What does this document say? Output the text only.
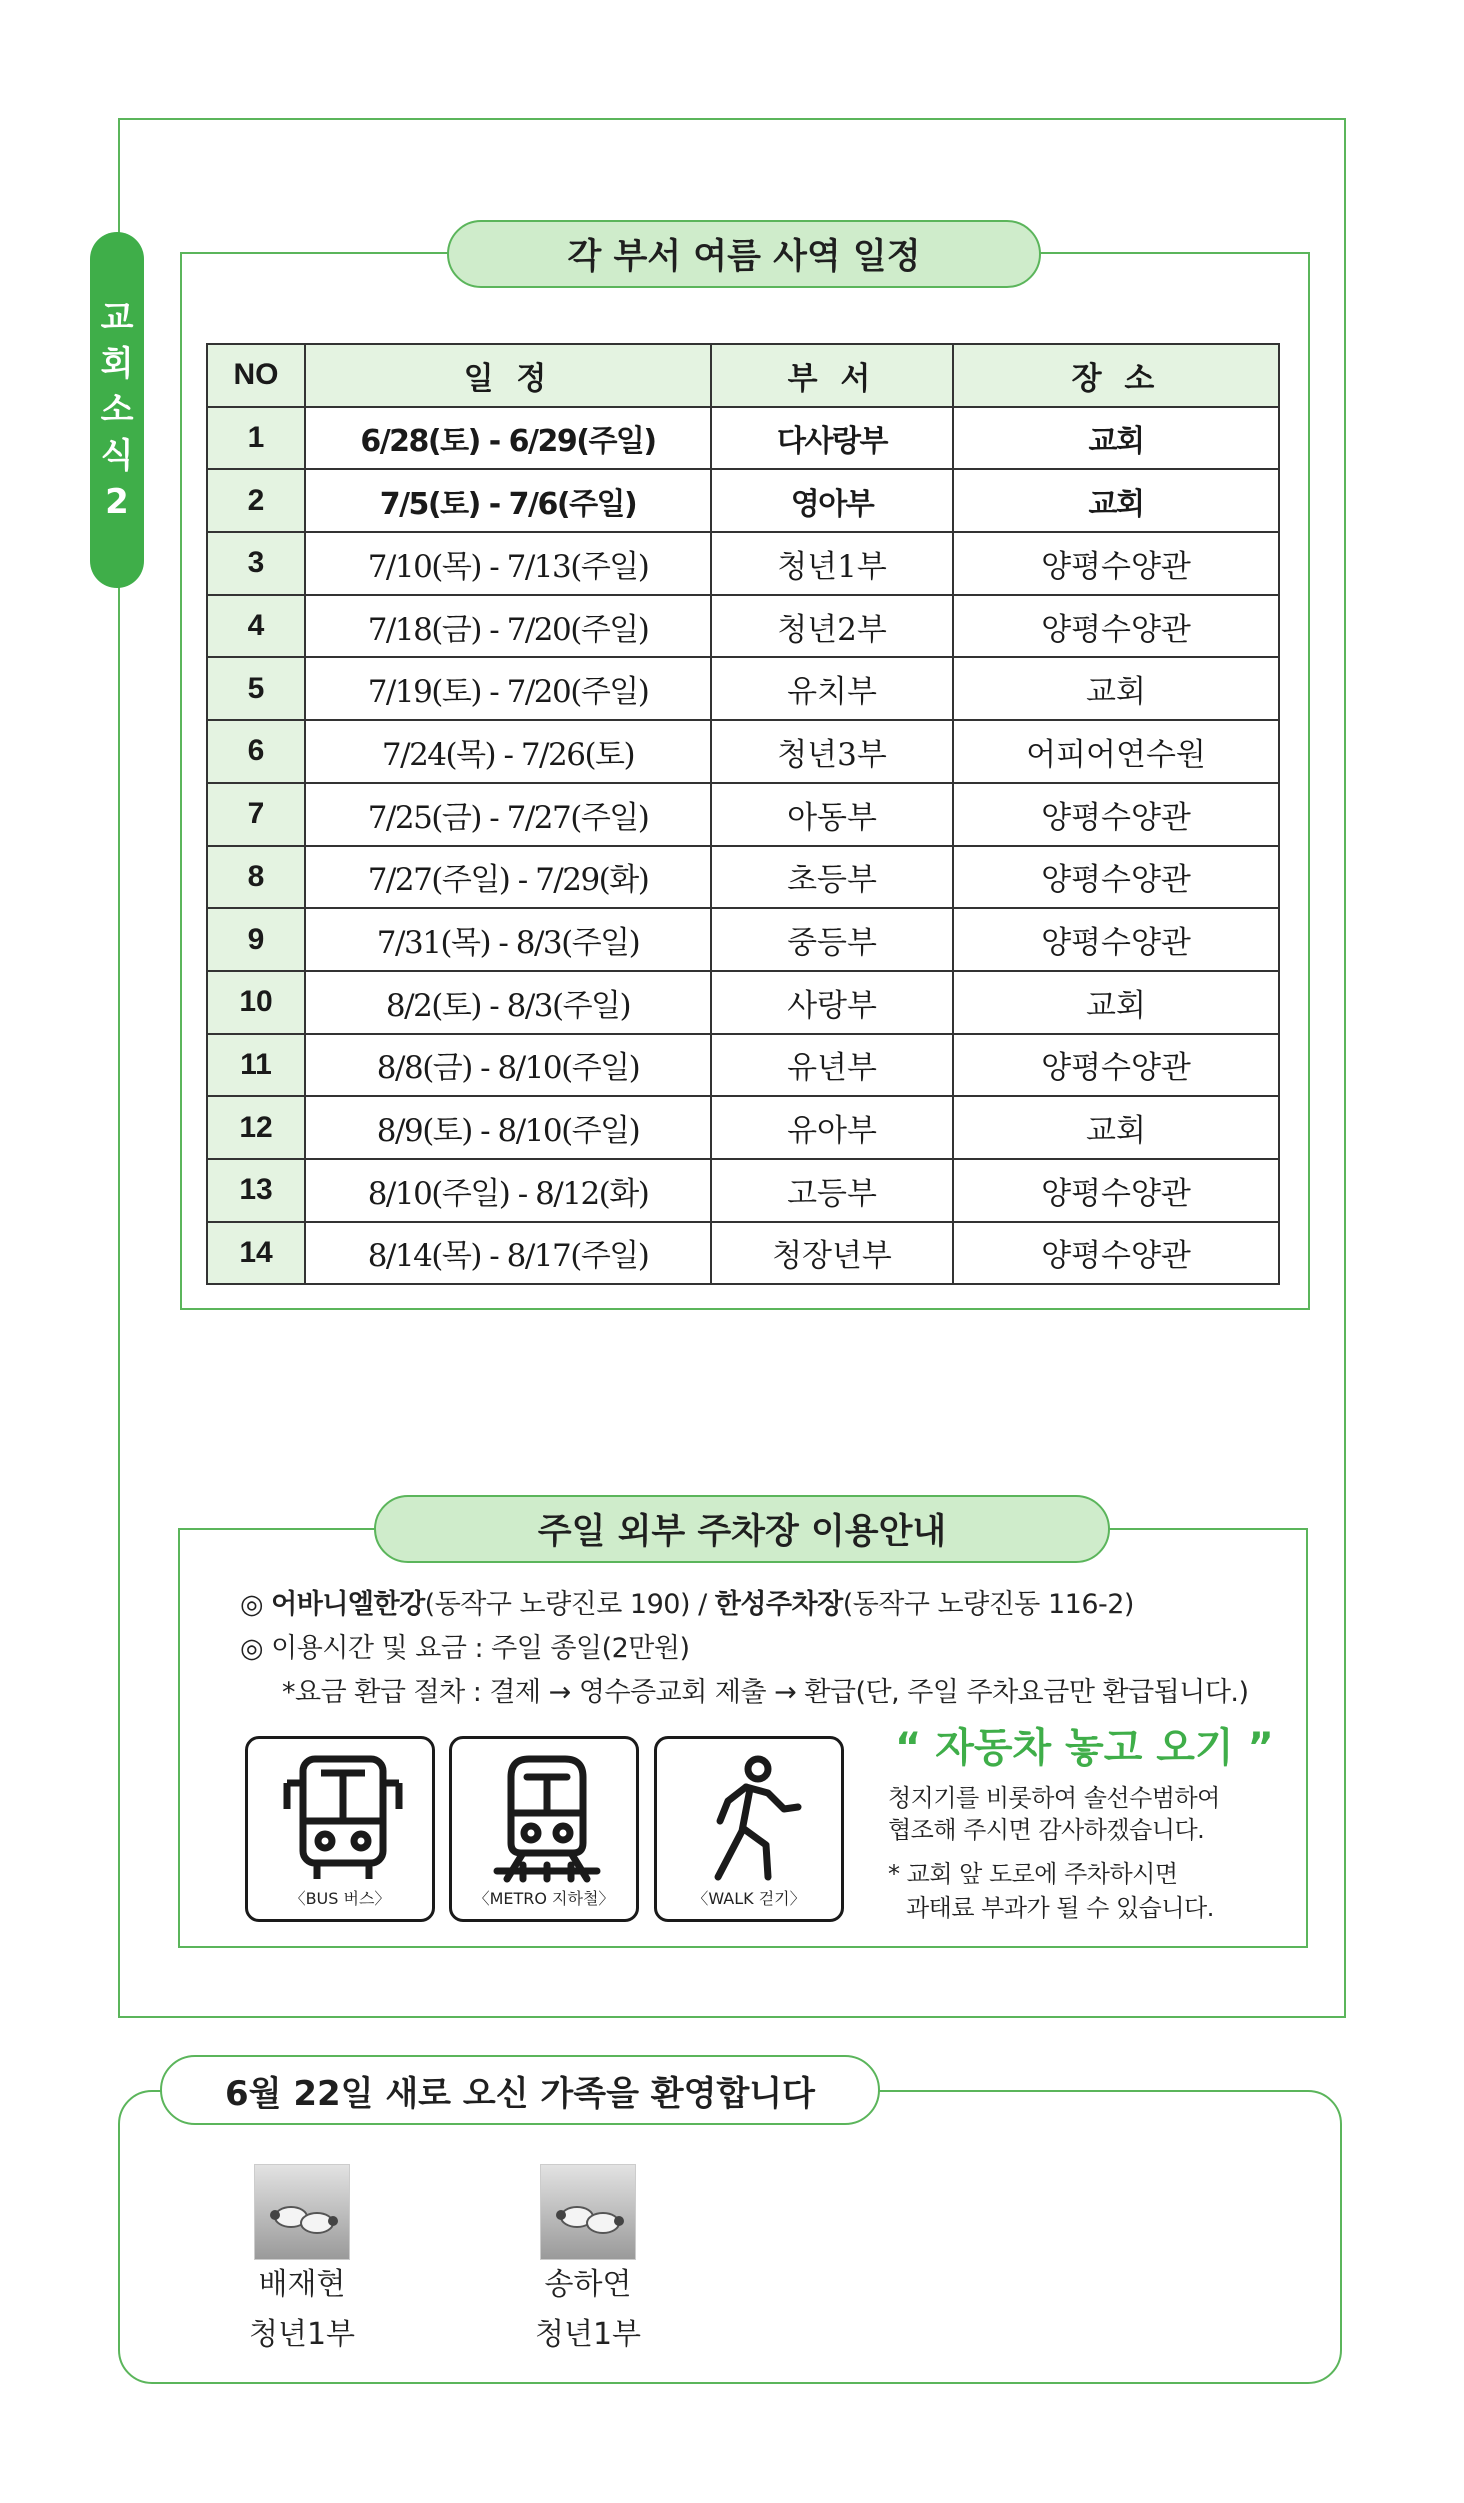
교
회
소
식
2
각 부서 여름 사역 일정
NO	일 정	부 서	장 소
1	6/28(토) - 6/29(주일)	다사랑부	교회
2	7/5(토) - 7/6(주일)	영아부	교회
3	7/10(목) - 7/13(주일)	청년1부	양평수양관
4	7/18(금) - 7/20(주일)	청년2부	양평수양관
5	7/19(토) - 7/20(주일)	유치부	교회
6	7/24(목) - 7/26(토)	청년3부	어피어연수원
7	7/25(금) - 7/27(주일)	아동부	양평수양관
8	7/27(주일) - 7/29(화)	초등부	양평수양관
9	7/31(목) - 8/3(주일)	중등부	양평수양관
10	8/2(토) - 8/3(주일)	사랑부	교회
11	8/8(금) - 8/10(주일)	유년부	양평수양관
12	8/9(토) - 8/10(주일)	유아부	교회
13	8/10(주일) - 8/12(화)	고등부	양평수양관
14	8/14(목) - 8/17(주일)	청장년부	양평수양관
주일 외부 주차장 이용안내
◎ 어바니엘한강(동작구 노량진로 190) / 한성주차장(동작구 노량진동 116-2)
◎ 이용시간 및 요금 : 주일 종일(2만원)
*요금 환급 절차 : 결제 → 영수증교회 제출 → 환급(단, 주일 주차요금만 환급됩니다.)
〈BUS 버스〉	〈METRO 지하철〉	〈WALK 걷기〉
“ 자동차 놓고 오기 ”
청지기를 비롯하여 솔선수범하여
협조해 주시면 감사하겠습니다.
* 교회 앞 도로에 주차하시면
과태료 부과가 될 수 있습니다.
6월 22일 새로 오신 가족을 환영합니다
배재현
청년1부
송하연
청년1부
